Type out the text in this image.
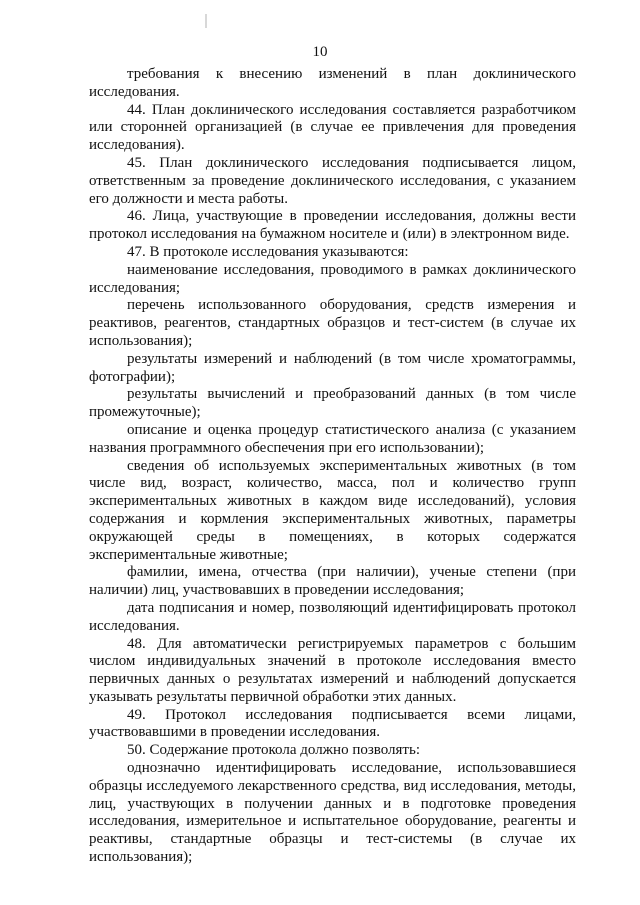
10

требования к внесению изменений в план доклинического исследования.

44. План доклинического исследования составляется разработчиком или сторонней организацией (в случае ее привлечения для проведения исследования).

45. План доклинического исследования подписывается лицом, ответственным за проведение доклинического исследования, с указанием его должности и места работы.

46. Лица, участвующие в проведении исследования, должны вести протокол исследования на бумажном носителе и (или) в электронном виде.

47. В протоколе исследования указываются:

наименование исследования, проводимого в рамках доклинического исследования;

перечень использованного оборудования, средств измерения и реактивов, реагентов, стандартных образцов и тест-систем (в случае их использования);

результаты измерений и наблюдений (в том числе хроматограммы, фотографии);

результаты вычислений и преобразований данных (в том числе промежуточные);

описание и оценка процедур статистического анализа (с указанием названия программного обеспечения при его использовании);

сведения об используемых экспериментальных животных (в том числе вид, возраст, количество, масса, пол и количество групп экспериментальных животных в каждом виде исследований), условия содержания и кормления экспериментальных животных, параметры окружающей среды в помещениях, в которых содержатся экспериментальные животные;

фамилии, имена, отчества (при наличии), ученые степени (при наличии) лиц, участвовавших в проведении исследования;

дата подписания и номер, позволяющий идентифицировать протокол исследования.

48. Для автоматически регистрируемых параметров с большим числом индивидуальных значений в протоколе исследования вместо первичных данных о результатах измерений и наблюдений допускается указывать результаты первичной обработки этих данных.

49. Протокол исследования подписывается всеми лицами, участвовавшими в проведении исследования.

50. Содержание протокола должно позволять:

однозначно идентифицировать исследование, использовавшиеся образцы исследуемого лекарственного средства, вид исследования, методы, лиц, участвующих в получении данных и в подготовке проведения исследования, измерительное и испытательное оборудование, реагенты и реактивы, стандартные образцы и тест-системы (в случае их использования);
